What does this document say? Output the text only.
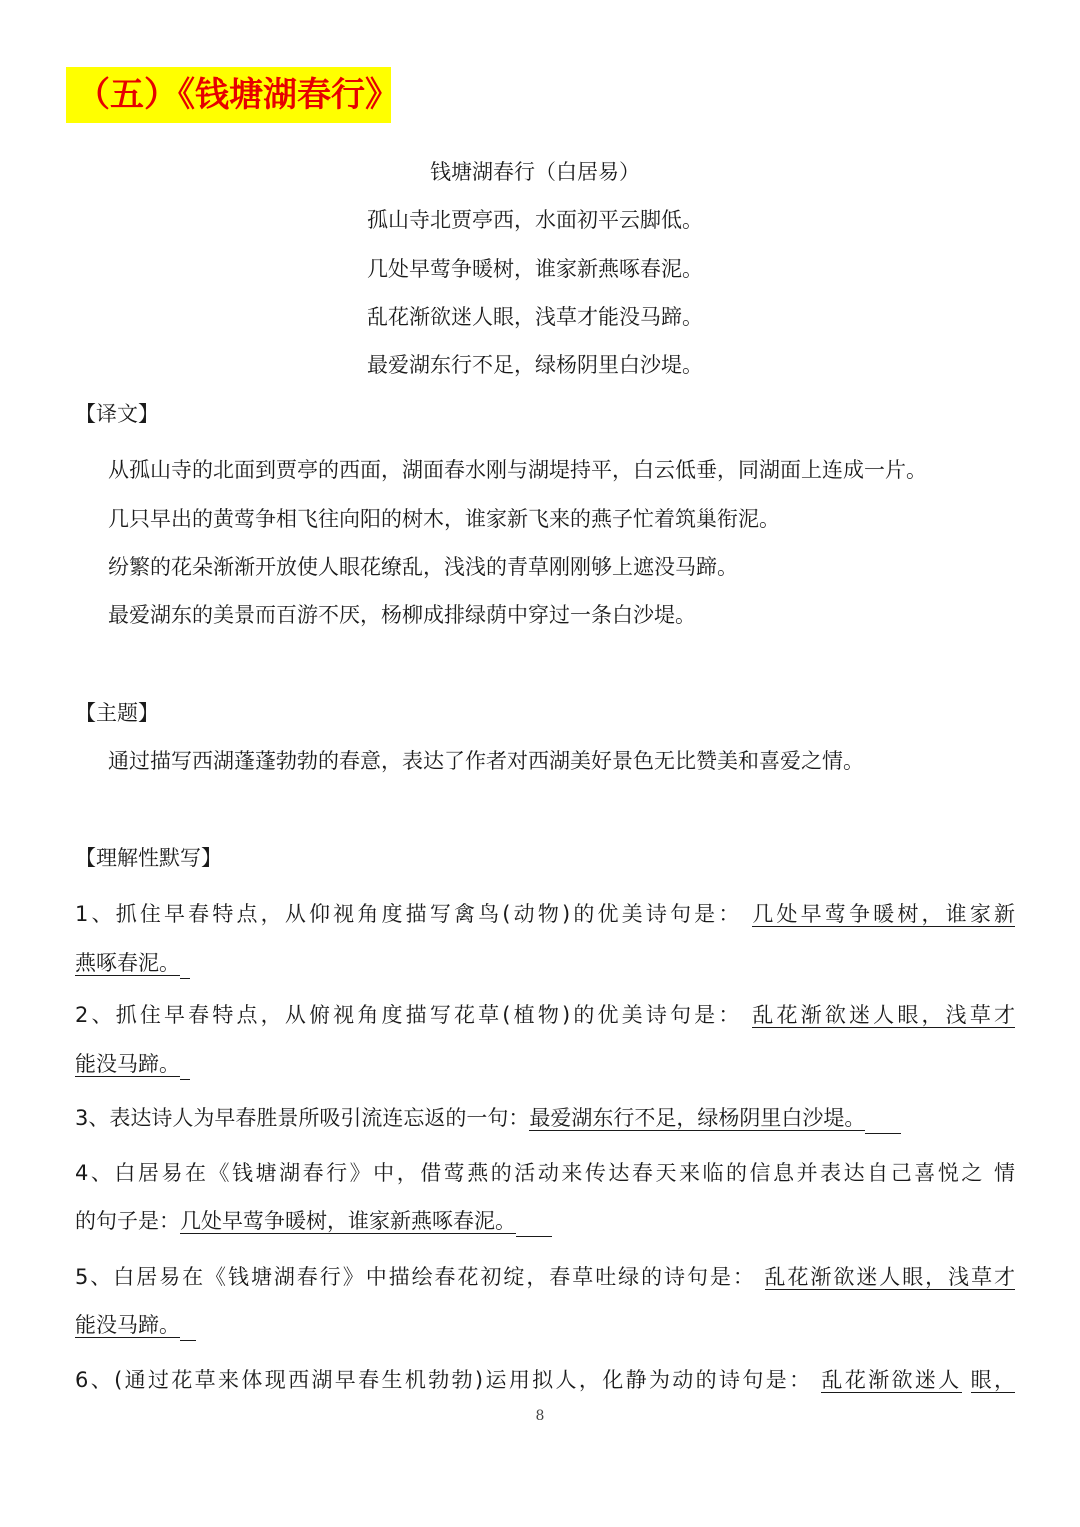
（五）《钱塘湖春行》
钱塘湖春行（白居易）
孤山寺北贾亭西，水面初平云脚低。
几处早莺争暖树，谁家新燕啄春泥。
乱花渐欲迷人眼，浅草才能没马蹄。
最爱湖东行不足，绿杨阴里白沙堤。
【译文】
从孤山寺的北面到贾亭的西面，湖面春水刚与湖堤持平，白云低垂，同湖面上连成一片。
几只早出的黄莺争相飞往向阳的树木，谁家新飞来的燕子忙着筑巢衔泥。
纷繁的花朵渐渐开放使人眼花缭乱，浅浅的青草刚刚够上遮没马蹄。
最爱湖东的美景而百游不厌，杨柳成排绿荫中穿过一条白沙堤。
【主题】
通过描写西湖蓬蓬勃勃的春意，表达了作者对西湖美好景色无比赞美和喜爱之情。
【理解性默写】
1、抓住早春特点，从仰视角度描写禽鸟(动物)的优美诗句是： 几处早莺争暖树，谁家新
燕啄春泥。
2、抓住早春特点，从俯视角度描写花草(植物)的优美诗句是： 乱花渐欲迷人眼，浅草才
能没马蹄。
3、表达诗人为早春胜景所吸引流连忘返的一句：最爱湖东行不足，绿杨阴里白沙堤。
4、白居易在《钱塘湖春行》中，借莺燕的活动来传达春天来临的信息并表达自己喜悦之 情
的句子是：几处早莺争暖树，谁家新燕啄春泥。
5、白居易在《钱塘湖春行》中描绘春花初绽，春草吐绿的诗句是： 乱花渐欲迷人眼，浅草才
能没马蹄。
6、(通过花草来体现西湖早春生机勃勃)运用拟人，化静为动的诗句是： 乱花渐欲迷人 眼，
8
